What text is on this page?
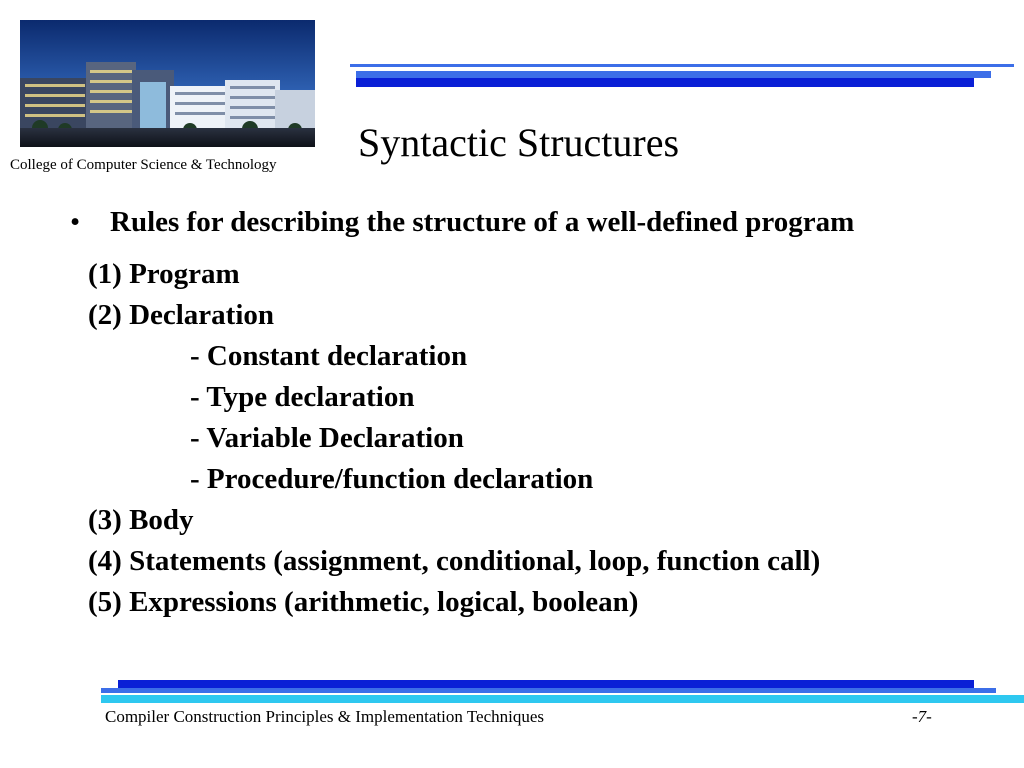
College of Computer Science & Technology Syntactic Structures
• Rules for describing the structure of a well-defined program
(1) Program
(2) Declaration
- Constant declaration
- Type declaration
- Variable Declaration
- Procedure/function declaration
(3) Body
(4) Statements (assignment, conditional, loop, function call)
(5) Expressions (arithmetic, logical, boolean)
Compiler Construction Principles & Implementation Techniques	-7-
